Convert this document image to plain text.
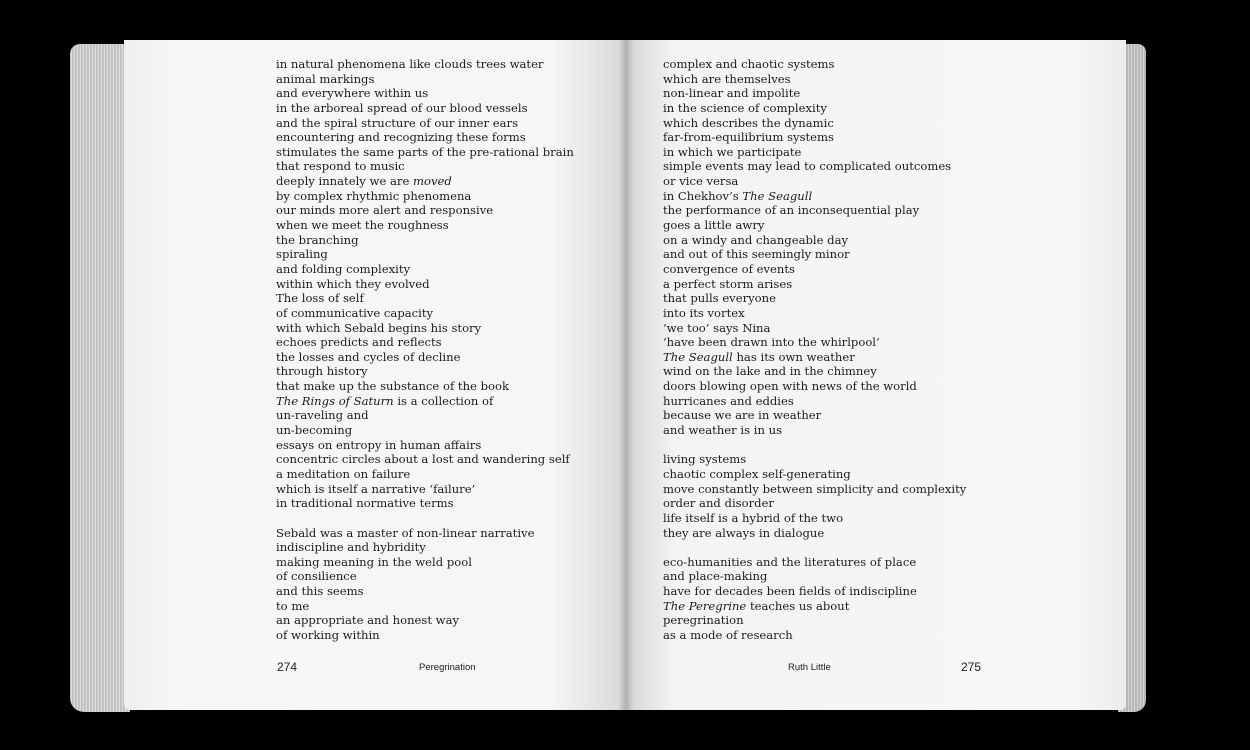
in natural phenomena like clouds trees water
animal markings
and everywhere within us
in the arboreal spread of our blood vessels
and the spiral structure of our inner ears
encountering and recognizing these forms
stimulates the same parts of the pre-rational brain
that respond to music
deeply innately we are moved
by complex rhythmic phenomena
our minds more alert and responsive
when we meet the roughness
the branching
spiraling
and folding complexity
within which they evolved
The loss of self
of communicative capacity
with which Sebald begins his story
echoes predicts and reflects
the losses and cycles of decline
through history
that make up the substance of the book
The Rings of Saturn is a collection of
un-raveling and
un-becoming
essays on entropy in human affairs
concentric circles about a lost and wandering self
a meditation on failure
which is itself a narrative ‘failure’
in traditional normative terms
Sebald was a master of non-linear narrative
indiscipline and hybridity
making meaning in the weld pool
of consilience
and this seems
to me
an appropriate and honest way
of working within
complex and chaotic systems
which are themselves
non-linear and impolite
in the science of complexity
which describes the dynamic
far-from-equilibrium systems
in which we participate
simple events may lead to complicated outcomes
or vice versa
in Chekhov’s The Seagull
the performance of an inconsequential play
goes a little awry
on a windy and changeable day
and out of this seemingly minor
convergence of events
a perfect storm arises
that pulls everyone
into its vortex
‘we too’ says Nina
‘have been drawn into the whirlpool’
The Seagull has its own weather
wind on the lake and in the chimney
doors blowing open with news of the world
hurricanes and eddies
because we are in weather
and weather is in us
living systems
chaotic complex self-generating
move constantly between simplicity and complexity
order and disorder
life itself is a hybrid of the two
they are always in dialogue
eco-humanities and the literatures of place
and place-making
have for decades been fields of indiscipline
The Peregrine teaches us about
peregrination
as a mode of research
274	Peregrination	Ruth Little	275
